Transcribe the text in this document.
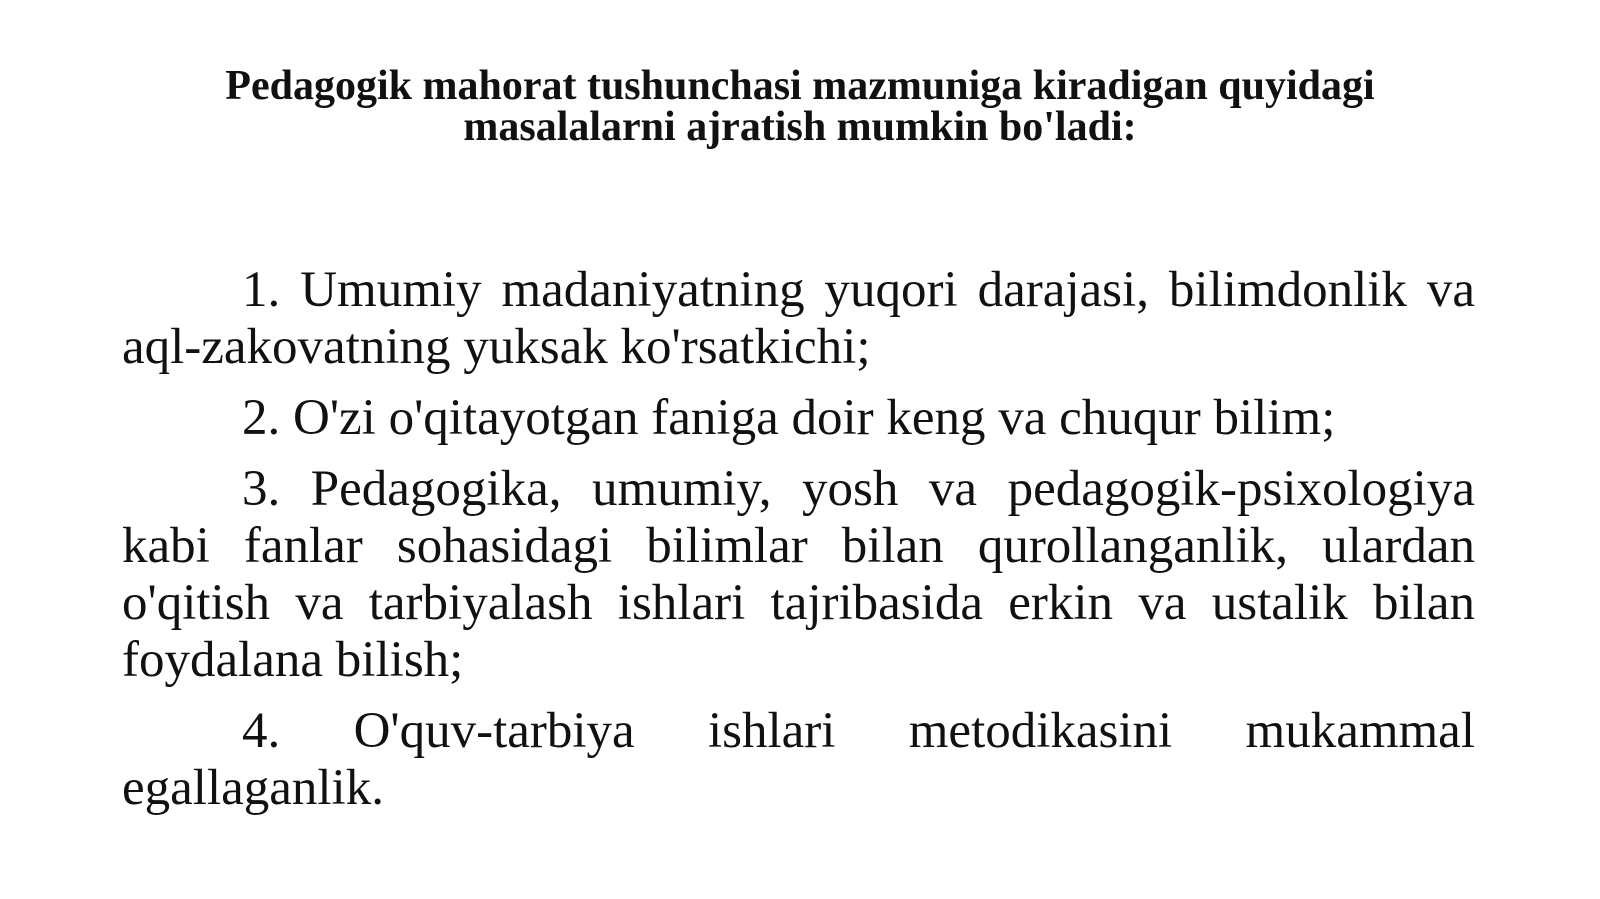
Pedagogik mahorat tushunchasi mazmuniga kiradigan quyidagi
masalalarni ajratish mumkin bo'ladi:

1. Umumiy madaniyatning yuqori darajasi, bilimdonlik va aql-zakovatning yuksak ko'rsatkichi;

2. O'zi o'qitayotgan faniga doir keng va chuqur bilim;

3. Pedagogika, umumiy, yosh va pedagogik-psixologiya kabi fanlar sohasidagi bilimlar bilan qurollanganlik, ulardan o'qitish va tarbiyalash ishlari tajribasida erkin va ustalik bilan foydalana bilish;

4. O'quv-tarbiya ishlari metodikasini mukammal egallaganlik.
